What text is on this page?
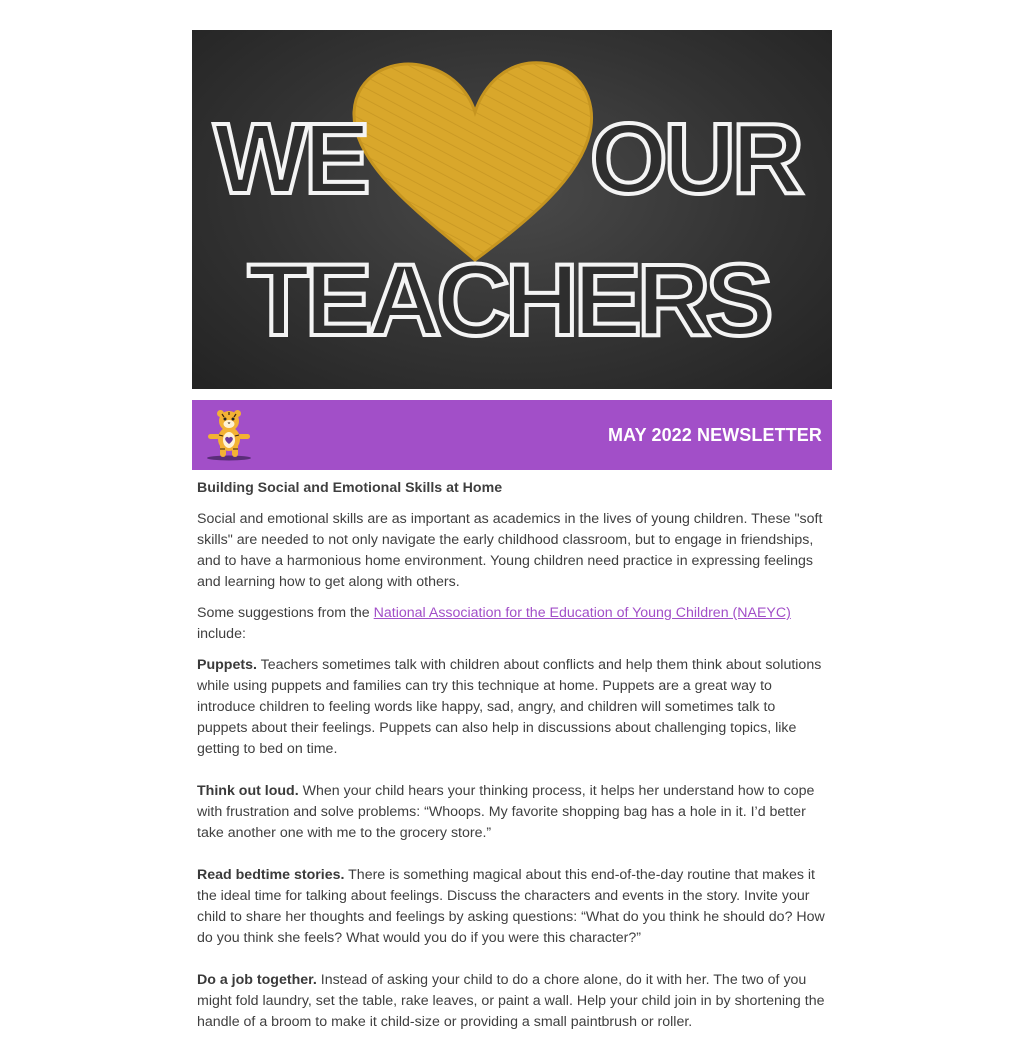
WE OUR
TEACHERS
MAY 2022 NEWSLETTER

Building Social and Emotional Skills at Home

Social and emotional skills are as important as academics in the lives of young children. These "soft skills" are needed to not only navigate the early childhood classroom, but to engage in friendships, and to have a harmonious home environment. Young children need practice in expressing feelings and learning how to get along with others.

Some suggestions from the National Association for the Education of Young Children (NAEYC) include:

Puppets. Teachers sometimes talk with children about conflicts and help them think about solutions while using puppets and families can try this technique at home. Puppets are a great way to introduce children to feeling words like happy, sad, angry, and children will sometimes talk to puppets about their feelings. Puppets can also help in discussions about challenging topics, like getting to bed on time.

Think out loud. When your child hears your thinking process, it helps her understand how to cope with frustration and solve problems: “Whoops. My favorite shopping bag has a hole in it. I’d better take another one with me to the grocery store.”

Read bedtime stories. There is something magical about this end-of-the-day routine that makes it the ideal time for talking about feelings. Discuss the characters and events in the story. Invite your child to share her thoughts and feelings by asking questions: “What do you think he should do? How do you think she feels? What would you do if you were this character?”

Do a job together. Instead of asking your child to do a chore alone, do it with her. The two of you might fold laundry, set the table, rake leaves, or paint a wall. Help your child join in by shortening the handle of a broom to make it child-size or providing a small paintbrush or roller.
